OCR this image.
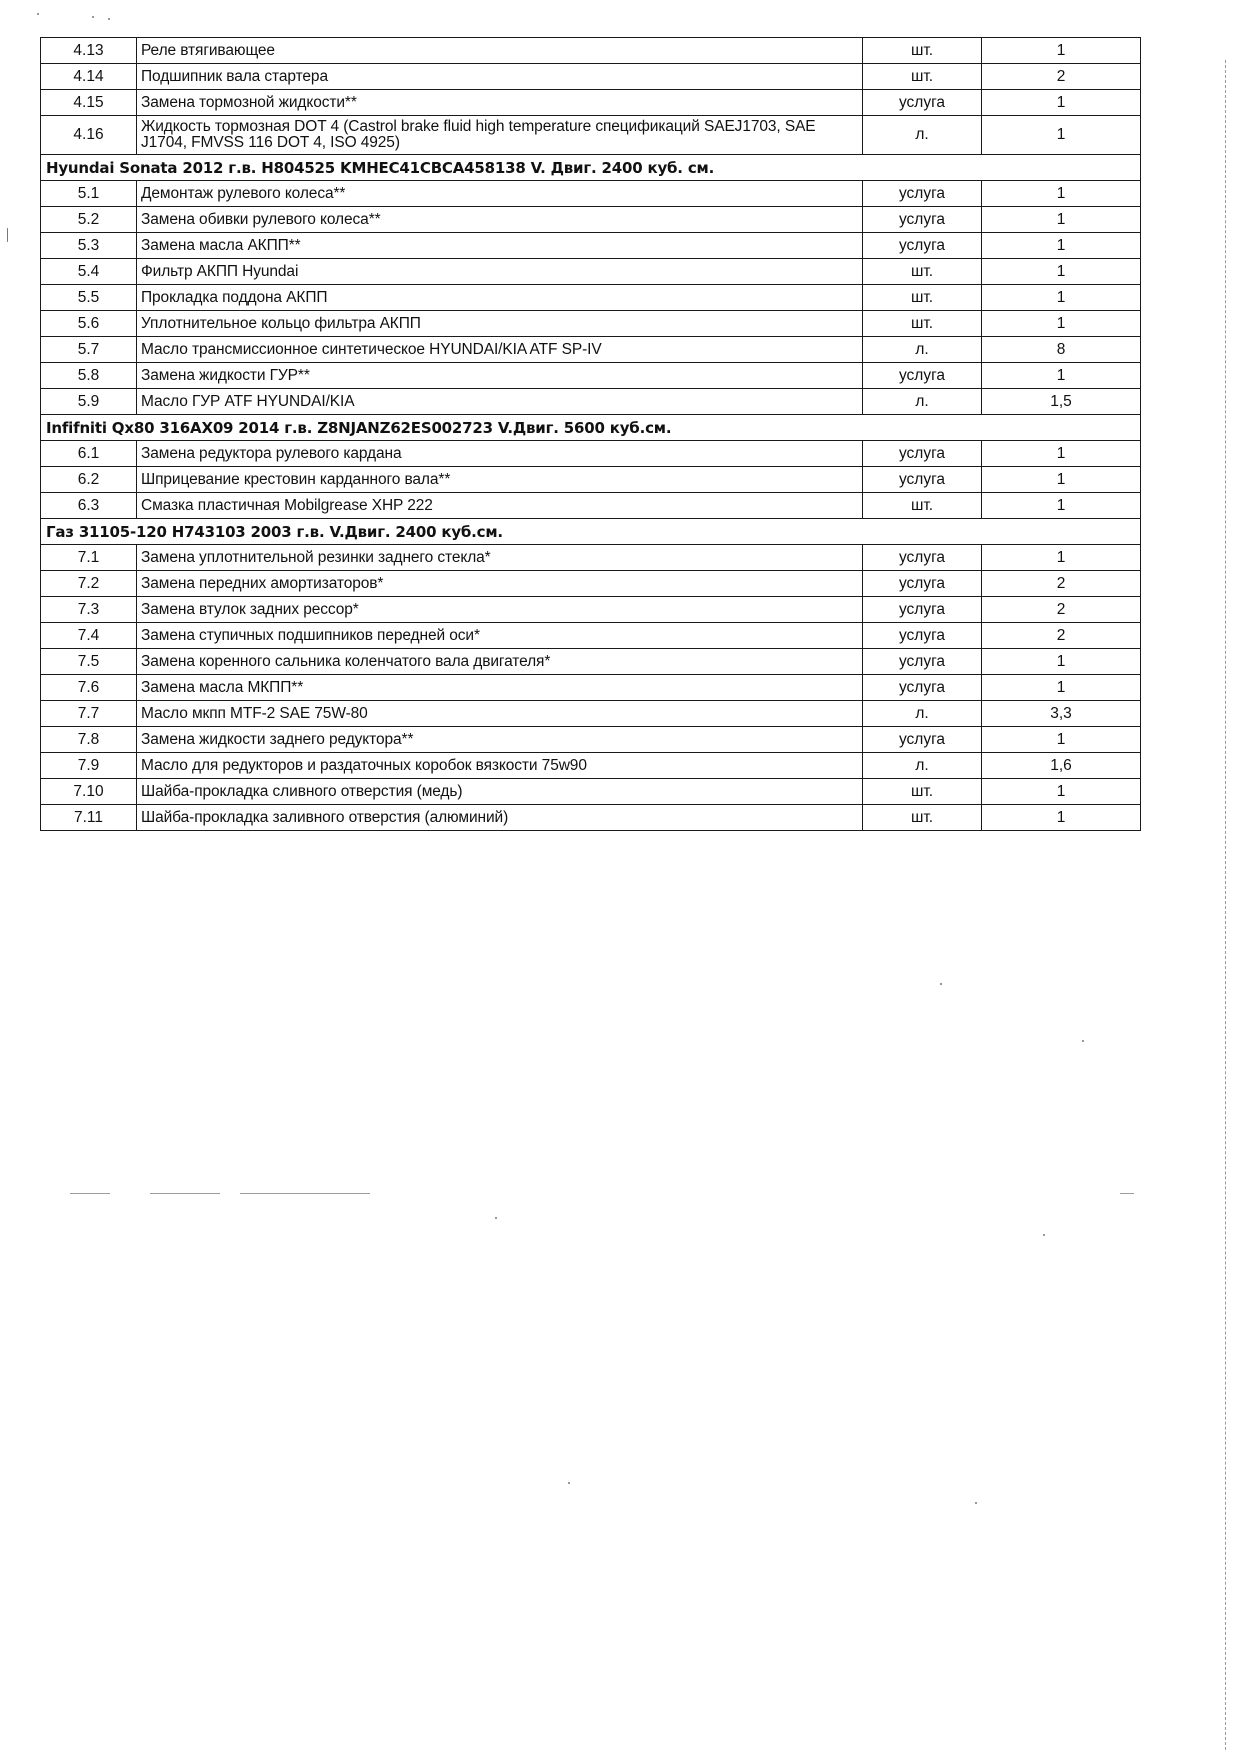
4.13	Реле втягивающее	шт.	1
4.14	Подшипник вала стартера	шт.	2
4.15	Замена тормозной жидкости**	услуга	1
4.16	Жидкость тормозная DOT 4 (Castrol brake fluid high temperature спецификаций SAEJ1703, SAE J1704, FMVSS 116 DOT 4, ISO 4925)	л.	1
Hyundai Sonata 2012 г.в. Н804525 KMHEC41CBCA458138 V. Двиг. 2400 куб. см.			
5.1	Демонтаж рулевого колеса**	услуга	1
5.2	Замена обивки рулевого колеса**	услуга	1
5.3	Замена масла АКПП**	услуга	1
5.4	Фильтр АКПП Hyundai	шт.	1
5.5	Прокладка поддона АКПП	шт.	1
5.6	Уплотнительное кольцо фильтра АКПП	шт.	1
5.7	Масло трансмиссионное синтетическое HYUNDAI/KIA ATF SP-IV	л.	8
5.8	Замена жидкости ГУР**	услуга	1
5.9	Масло ГУР ATF HYUNDAI/KIA	л.	1,5
Infifniti Qx80 316AX09 2014 г.в. Z8NJANZ62ES002723 V.Двиг. 5600 куб.см.			
6.1	Замена редуктора рулевого кардана	услуга	1
6.2	Шприцевание крестовин карданного вала**	услуга	1
6.3	Смазка пластичная Mobilgrease XHP 222	шт.	1
Газ 31105-120 Н743103 2003 г.в. V.Двиг. 2400 куб.см.			
7.1	Замена уплотнительной резинки заднего стекла*	услуга	1
7.2	Замена передних амортизаторов*	услуга	2
7.3	Замена втулок задних рессор*	услуга	2
7.4	Замена ступичных подшипников передней оси*	услуга	2
7.5	Замена коренного сальника коленчатого вала двигателя*	услуга	1
7.6	Замена масла МКПП**	услуга	1
7.7	Масло мкпп MTF-2 SAE 75W-80	л.	3,3
7.8	Замена жидкости заднего редуктора**	услуга	1
7.9	Масло для редукторов и раздаточных коробок вязкости 75w90	л.	1,6
7.10	Шайба-прокладка сливного отверстия (медь)	шт.	1
7.11	Шайба-прокладка заливного отверстия (алюминий)	шт.	1
